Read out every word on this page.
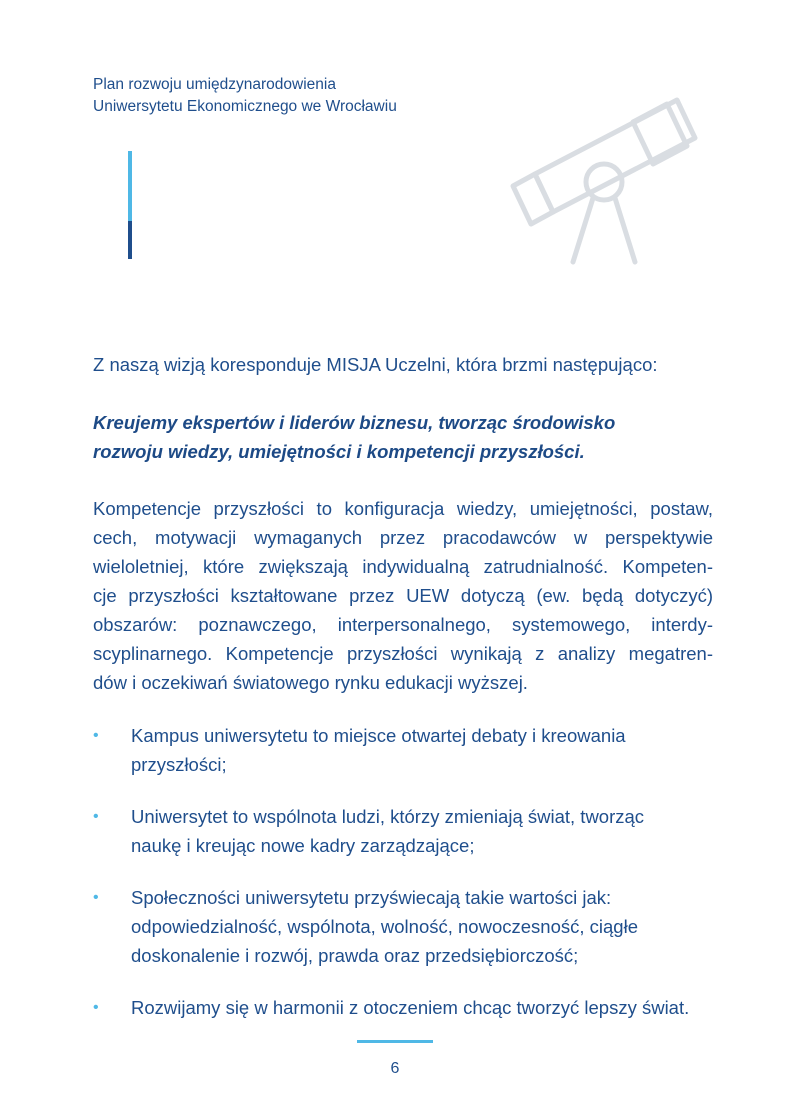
Plan rozwoju umiędzynarodowienia
Uniwersytetu Ekonomicznego we Wrocławiu

Z naszą wizją koresponduje MISJA Uczelni, która brzmi następująco:

Kreujemy ekspertów i liderów biznesu, tworząc środowisko
rozwoju wiedzy, umiejętności i kompetencji przyszłości.
Kompetencje przyszłości to konfiguracja wiedzy, umiejętności, postaw,
cech, motywacji wymaganych przez pracodawców w perspektywie
wieloletniej, które zwiększają indywidualną zatrudnialność. Kompeten-
cje przyszłości kształtowane przez UEW dotyczą (ew. będą dotyczyć)
obszarów: poznawczego, interpersonalnego, systemowego, interdy-
scyplinarnego. Kompetencje przyszłości wynikają z analizy megatren-
dów i oczekiwań światowego rynku edukacji wyższej.
• Kampus uniwersytetu to miejsce otwartej debaty i kreowania
przyszłości;
• Uniwersytet to wspólnota ludzi, którzy zmieniają świat, tworząc
naukę i kreując nowe kadry zarządzające;
• Społeczności uniwersytetu przyświecają takie wartości jak:
odpowiedzialność, wspólnota, wolność, nowoczesność, ciągłe
doskonalenie i rozwój, prawda oraz przedsiębiorczość;
• Rozwijamy się w harmonii z otoczeniem chcąc tworzyć lepszy świat.
6
